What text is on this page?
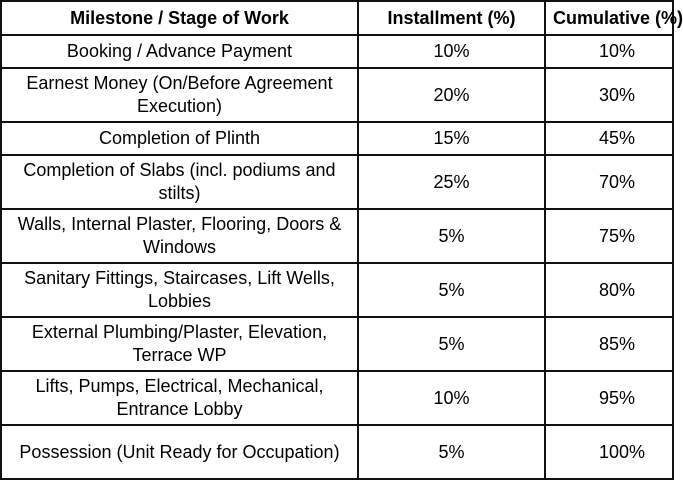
	Milestone / Stage of Work	Installment (%)	Cumulative (%)
	Booking / Advance Payment	10%	10%
	Earnest Money (On/Before Agreement Execution)	20%	30%
	Completion of Plinth	15%	45%
	Completion of Slabs (incl. podiums and stilts)	25%	70%
	Walls, Internal Plaster, Flooring, Doors & Windows	5%	75%
	Sanitary Fittings, Staircases, Lift Wells, Lobbies	5%	80%
	External Plumbing/Plaster, Elevation, Terrace WP	5%	85%
	Lifts, Pumps, Electrical, Mechanical, Entrance Lobby	10%	95%
	Possession (Unit Ready for Occupation)	5%	100%
